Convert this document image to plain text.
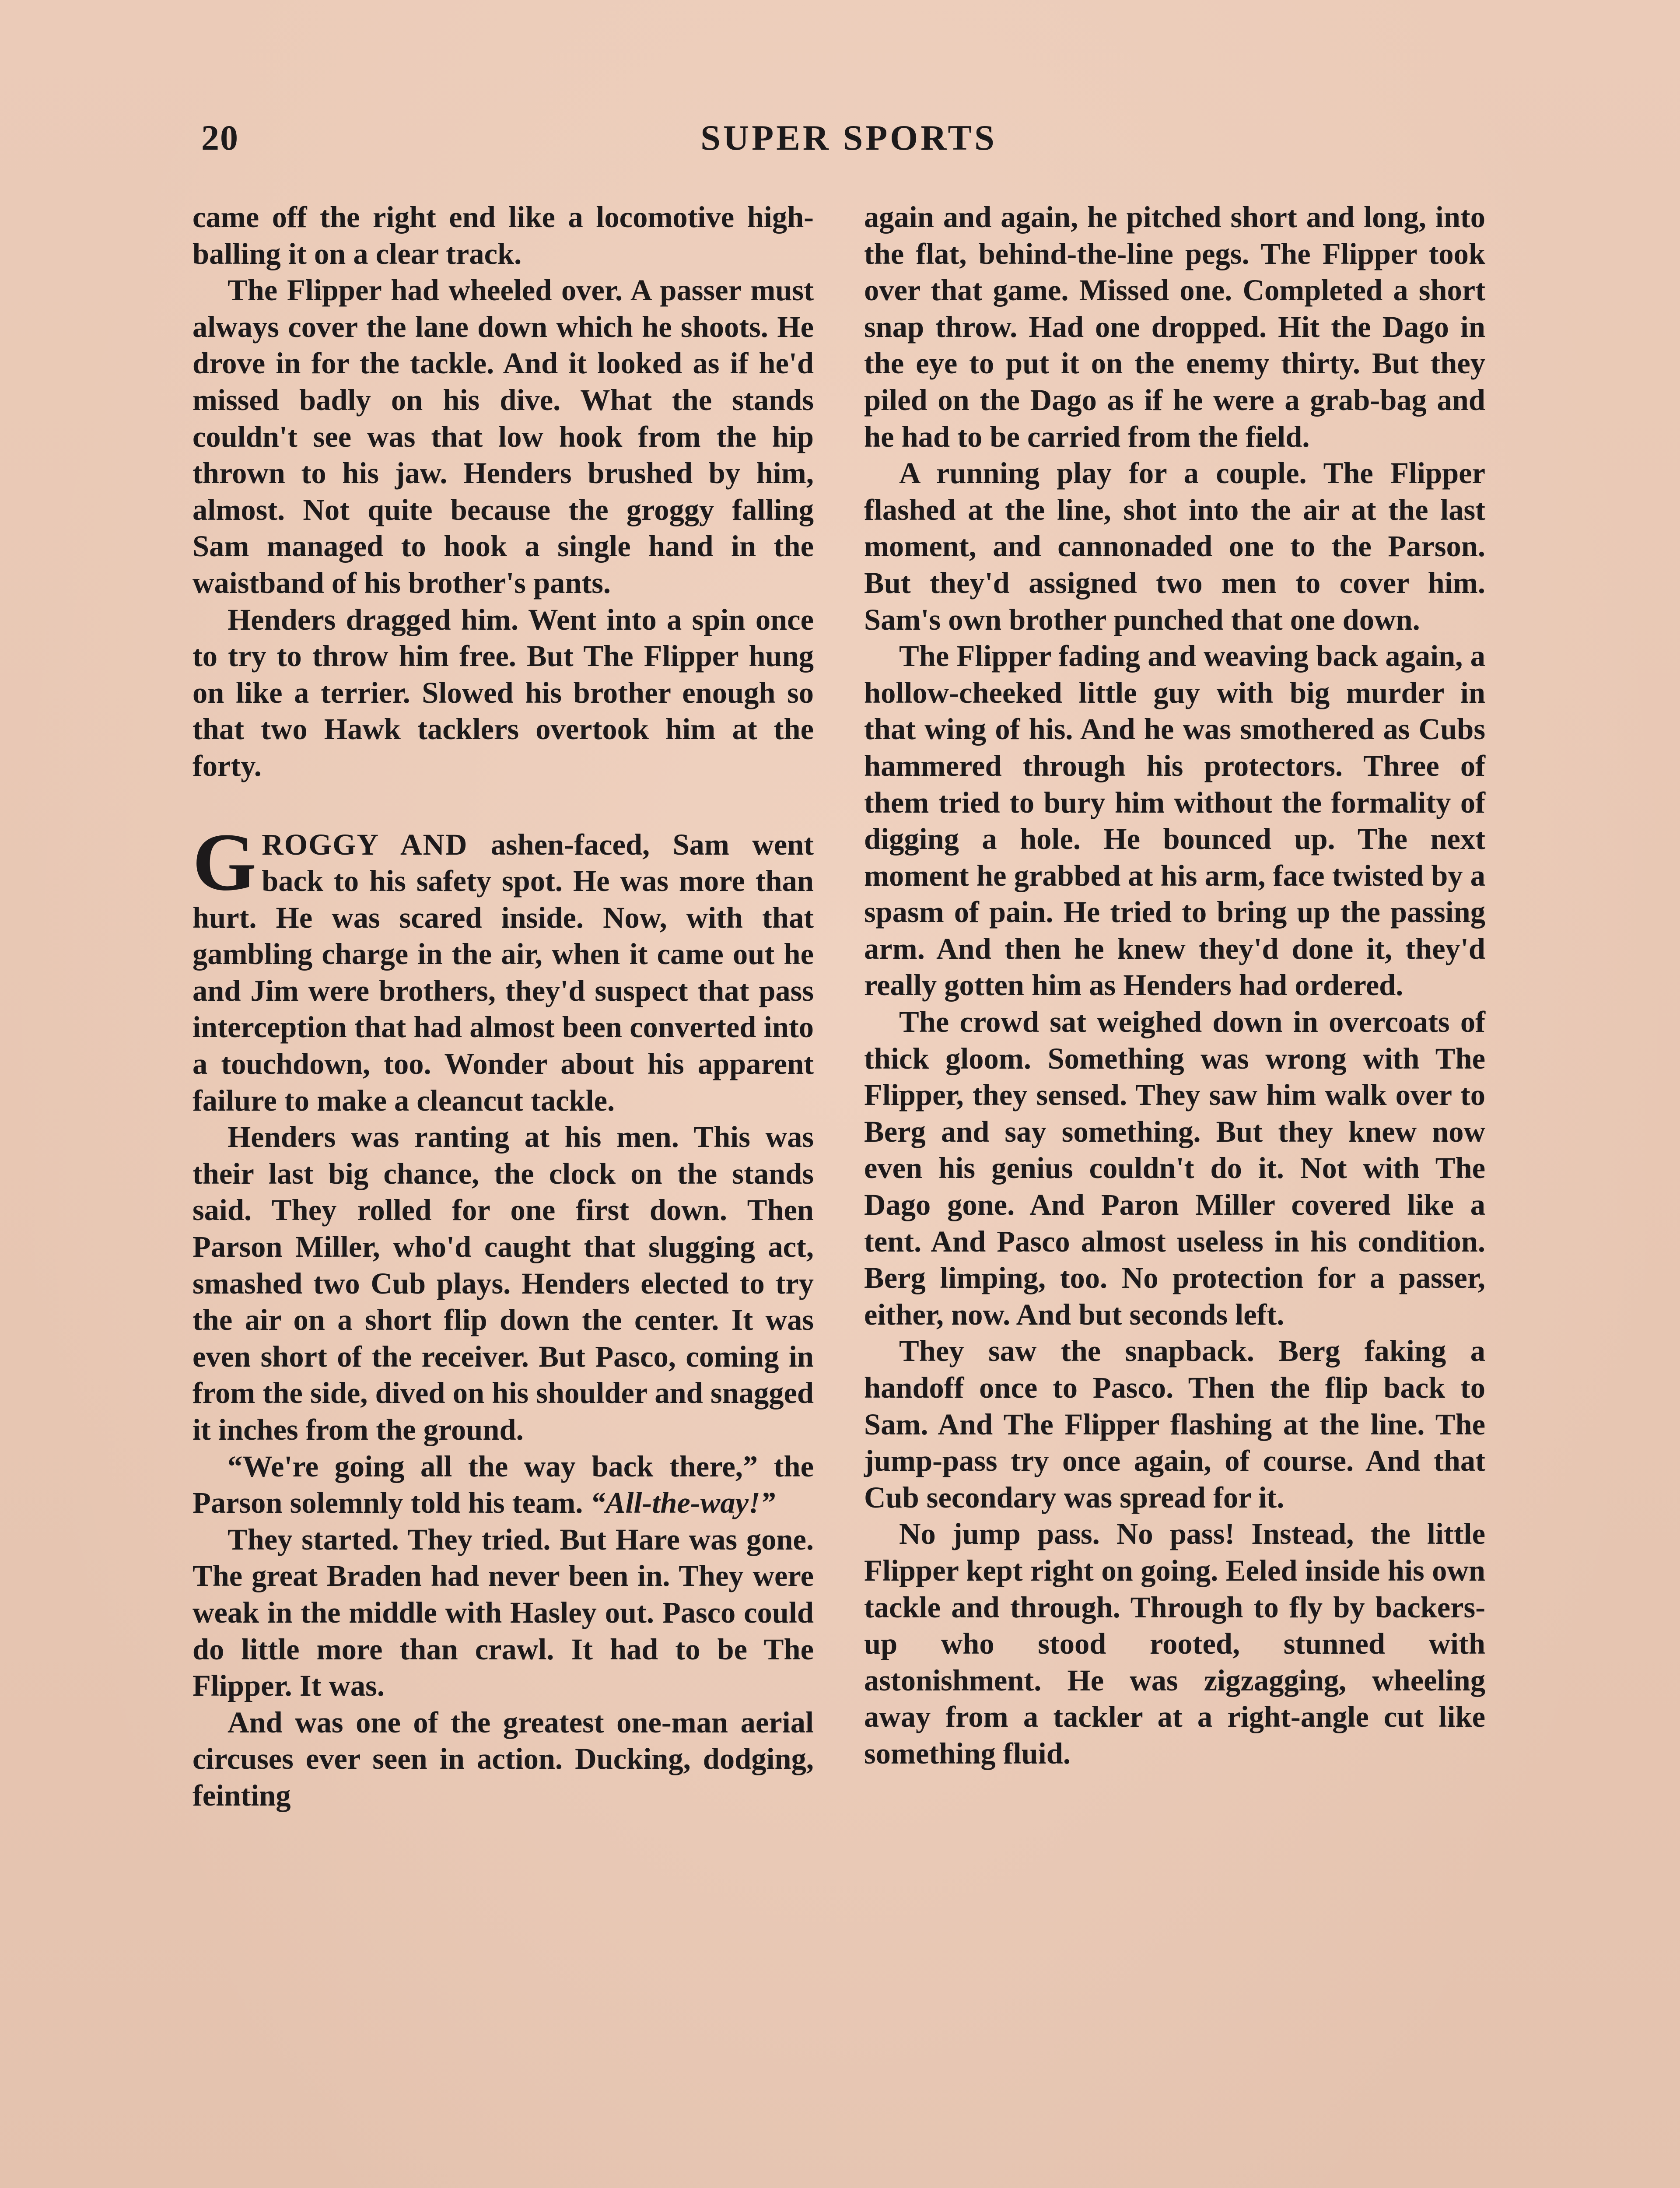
20	SUPER SPORTS

came off the right end like a locomotive high-balling it on a clear track.

The Flipper had wheeled over. A passer must always cover the lane down which he shoots. He drove in for the tackle. And it looked as if he'd missed badly on his dive. What the stands couldn't see was that low hook from the hip thrown to his jaw. Henders brushed by him, almost. Not quite because the groggy falling Sam managed to hook a single hand in the waistband of his brother's pants.

Henders dragged him. Went into a spin once to try to throw him free. But The Flipper hung on like a terrier. Slowed his brother enough so that two Hawk tacklers overtook him at the forty.

GROGGY AND ashen-faced, Sam went back to his safety spot. He was more than hurt. He was scared inside. Now, with that gambling charge in the air, when it came out he and Jim were brothers, they'd suspect that pass interception that had almost been converted into a touchdown, too. Wonder about his apparent failure to make a cleancut tackle.

Henders was ranting at his men. This was their last big chance, the clock on the stands said. They rolled for one first down. Then Parson Miller, who'd caught that slugging act, smashed two Cub plays. Henders elected to try the air on a short flip down the center. It was even short of the receiver. But Pasco, coming in from the side, dived on his shoulder and snagged it inches from the ground.

“We're going all the way back there,” the Parson solemnly told his team. “All-the-way!”

They started. They tried. But Hare was gone. The great Braden had never been in. They were weak in the middle with Hasley out. Pasco could do little more than crawl. It had to be The Flipper. It was.

And was one of the greatest one-man aerial circuses ever seen in action. Ducking, dodging, feinting

again and again, he pitched short and long, into the flat, behind-the-line pegs. The Flipper took over that game. Missed one. Completed a short snap throw. Had one dropped. Hit the Dago in the eye to put it on the enemy thirty. But they piled on the Dago as if he were a grab-bag and he had to be carried from the field.

A running play for a couple. The Flipper flashed at the line, shot into the air at the last moment, and cannonaded one to the Parson. But they'd assigned two men to cover him. Sam's own brother punched that one down.

The Flipper fading and weaving back again, a hollow-cheeked little guy with big murder in that wing of his. And he was smothered as Cubs hammered through his protectors. Three of them tried to bury him without the formality of digging a hole. He bounced up. The next moment he grabbed at his arm, face twisted by a spasm of pain. He tried to bring up the passing arm. And then he knew they'd done it, they'd really gotten him as Henders had ordered.

The crowd sat weighed down in overcoats of thick gloom. Something was wrong with The Flipper, they sensed. They saw him walk over to Berg and say something. But they knew now even his genius couldn't do it. Not with The Dago gone. And Paron Miller covered like a tent. And Pasco almost useless in his condition. Berg limping, too. No protection for a passer, either, now. And but seconds left.

They saw the snapback. Berg faking a handoff once to Pasco. Then the flip back to Sam. And The Flipper flashing at the line. The jump-pass try once again, of course. And that Cub secondary was spread for it.

No jump pass. No pass! Instead, the little Flipper kept right on going. Eeled inside his own tackle and through. Through to fly by backers-up who stood rooted, stunned with astonishment. He was zigzagging, wheeling away from a tackler at a right-angle cut like something fluid.
